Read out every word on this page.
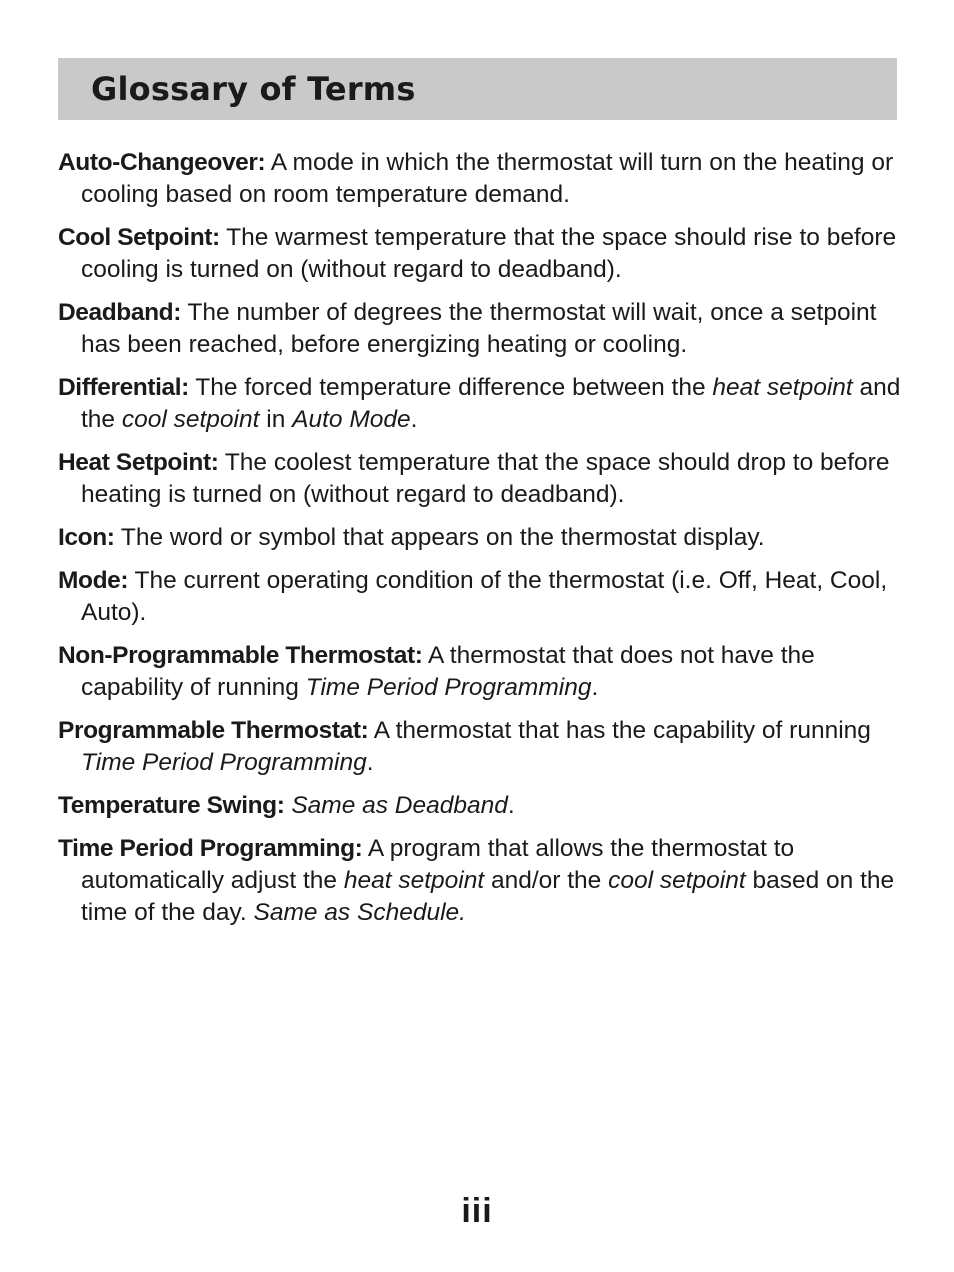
Glossary of Terms
Auto-Changeover: A mode in which the thermostat will turn on the heating or cooling based on room temperature demand.
Cool Setpoint: The warmest temperature that the space should rise to before cooling is turned on (without regard to deadband).
Deadband: The number of degrees the thermostat will wait, once a setpoint has been reached, before energizing heating or cooling.
Differential: The forced temperature difference between the heat setpoint and the cool setpoint in Auto Mode.
Heat Setpoint: The coolest temperature that the space should drop to before heating is turned on (without regard to deadband).
Icon: The word or symbol that appears on the thermostat display.
Mode: The current operating condition of the thermostat (i.e. Off, Heat, Cool, Auto).
Non-Programmable Thermostat: A thermostat that does not have the capability of running Time Period Programming.
Programmable Thermostat: A thermostat that has the capability of running Time Period Programming.
Temperature Swing: Same as Deadband.
Time Period Programming: A program that allows the thermostat to automatically adjust the heat setpoint and/or the cool setpoint based on the time of the day. Same as Schedule.
iii
